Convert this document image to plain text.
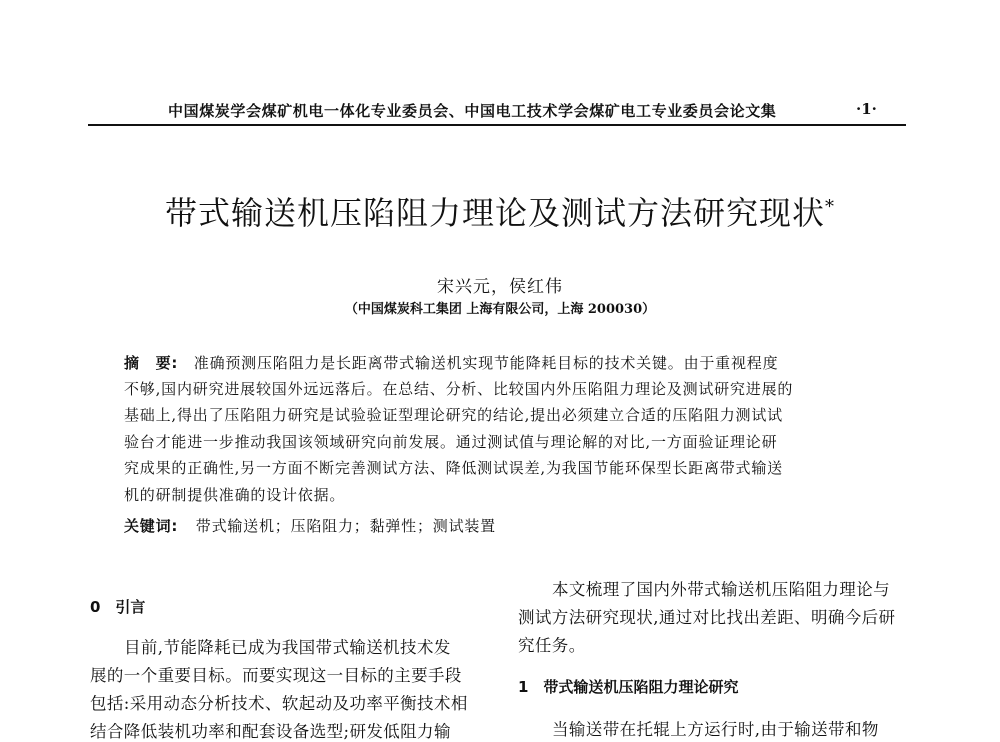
中国煤炭学会煤矿机电一体化专业委员会、中国电工技术学会煤矿电工专业委员会论文集	·1·
带式输送机压陷阻力理论及测试方法研究现状*
宋兴元，侯红伟
（中国煤炭科工集团 上海有限公司，上海 200030）
摘　要: 准确预测压陷阻力是长距离带式输送机实现节能降耗目标的技术关键。由于重视程度
不够,国内研究进展较国外远远落后。在总结、分析、比较国内外压陷阻力理论及测试研究进展的
基础上,得出了压陷阻力研究是试验验证型理论研究的结论,提出必须建立合适的压陷阻力测试试
验台才能进一步推动我国该领域研究向前发展。通过测试值与理论解的对比,一方面验证理论研
究成果的正确性,另一方面不断完善测试方法、降低测试误差,为我国节能环保型长距离带式输送
机的研制提供准确的设计依据。
关键词: 带式输送机；压陷阻力；黏弹性；测试装置
0　引言
目前,节能降耗已成为我国带式输送机技术发
展的一个重要目标。而要实现这一目标的主要手段
包括:采用动态分析技术、软起动及功率平衡技术相
结合降低装机功率和配套设备选型;研发低阻力输
本文梳理了国内外带式输送机压陷阻力理论与
测试方法研究现状,通过对比找出差距、明确今后研
究任务。
1　带式输送机压陷阻力理论研究
当输送带在托辊上方运行时,由于输送带和物
